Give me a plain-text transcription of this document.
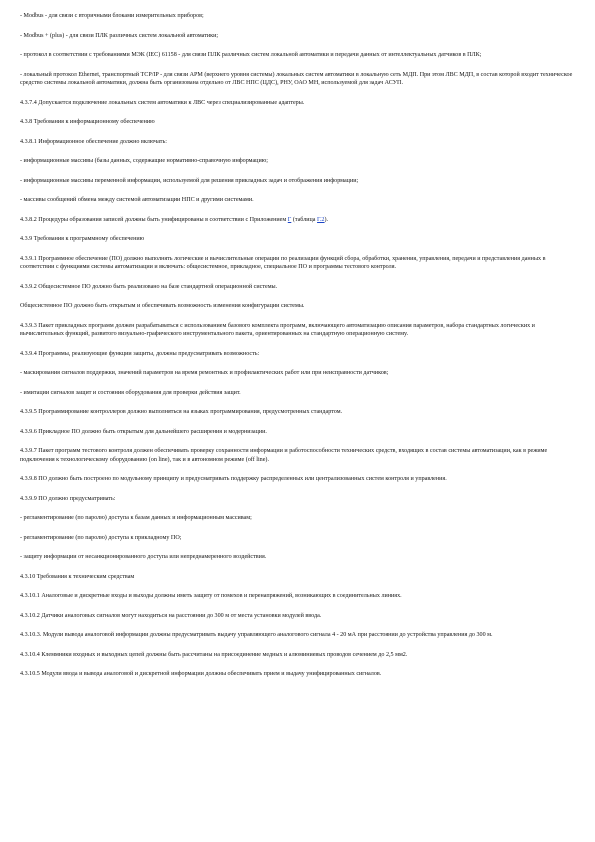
- Modbus - для связи с вторичными блоками измерительных приборов;

- Modbus + (plus) - для связи ПЛК различных систем локальной автоматики;

- протокол в соответствии с требованиями МЭК (IEC) 61158 - для связи ПЛК различных систем локальной автоматики и передачи данных от интеллектуальных датчиков в ПЛК;

- локальный протокол Ethernet, транспортный TCP/IP - для связи АРМ (верхнего уровня системы) локальных систем автоматики в локальную сеть МДП. При этом ЛВС МДП, в состав которой входит техническое средство системы локальной автоматики, должна быть организована отдельно от ЛВС НПС (ЦДС), РНУ, ОАО МН, используемой для задач АСУП.

4.3.7.4 Допускается подключение локальных систем автоматики к ЛВС через специализированные адаптеры.

4.3.8 Требования к информационному обеспечению

4.3.8.1 Информационное обеспечение должно включать:

- информационные массивы (базы данных, содержащие нормативно-справочную информацию;

- информационные массивы переменной информации, используемой для решения прикладных задач и отображения информации;

- массивы сообщений обмена между системой автоматизации НПС и другими системами.

4.3.8.2 Процедуры образования записей должны быть унифицированы в соответствии с Приложением Г (таблица Г.2).

4.3.9 Требования к программному обеспечению

4.3.9.1 Программное обеспечение (ПО) должно выполнять логические и вычислительные операции по реализации функций сбора, обработки, хранения, управления, передачи и представления данных в соответствии с функциями системы автоматизации и включать: общесистемное, прикладное, специальное ПО и программы тестового контроля.

4.3.9.2 Общесистемное ПО должно быть реализовано на базе стандартной операционной системы.

Общесистемное ПО должно быть открытым и обеспечивать возможность изменения конфигурации системы.

4.3.9.3 Пакет прикладных программ должен разрабатываться с использованием базового комплекта программ, включающего автоматизацию описания параметров, набора стандартных логических и вычислительных функций, развитого визуально-графического инструментального пакета, ориентированных на стандартную операционную систему.

4.3.9.4 Программы, реализующие функции защиты, должны предусматривать возможность:

- маскирования сигналов поддержки, значений параметров на время ремонтных и профилактических работ или при неисправности датчиков;

- имитации сигналов защит и состояния оборудования для проверки действия защит.

4.3.9.5 Программирование контроллеров должно выполняться на языках программирования, предусмотренных стандартом.

4.3.9.6 Прикладное ПО должно быть открытым для дальнейшего расширения и модернизации.

4.3.9.7 Пакет программ тестового контроля должен обеспечивать проверку сохранности информации и работоспособности технических средств, входящих в состав системы автоматизации, как в режиме подключения к технологическому оборудованию (on line), так и в автономном режиме (off line).

4.3.9.8 ПО должно быть построено по модульному принципу и предусматривать поддержку распределенных или централизованных систем контроля и управления.

4.3.9.9 ПО должно предусматривать:

- регламентирование (по паролю) доступа к базам данных и информационным массивам;

- регламентирование (по паролю) доступа к прикладному ПО;

- защиту информации от несанкционированного доступа или непреднамеренного воздействия.

4.3.10 Требования к техническим средствам

4.3.10.1 Аналоговые и дискретные входы и выходы должны иметь защиту от помехов и перенапряжений, возникающих в соединительных линиях.

4.3.10.2 Датчики аналоговых сигналов могут находиться на расстоянии до 300 м от места установки модулей ввода.

4.3.10.3. Модули вывода аналоговой информации должны предусматривать выдачу управляющего аналогового сигнала 4 - 20 мА при расстоянии до устройства управления до 300 м.

4.3.10.4 Клеммники входных и выходных цепей должны быть рассчитаны на присоединение медных и алюминиевых проводов сечением до 2,5 мм2.

4.3.10.5 Модули ввода и вывода аналоговой и дискретной информации должны обеспечивать прием и выдачу унифицированных сигналов.
